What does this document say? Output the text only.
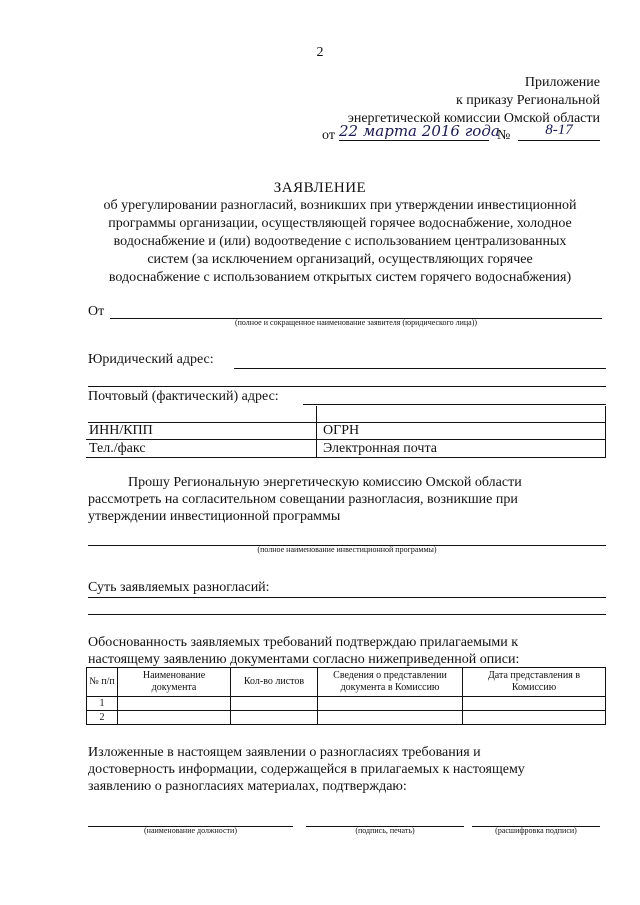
2
Приложение
к приказу Региональной
энергетической комиссии Омской области
от 22 марта 2016 года
№	8-17
ЗАЯВЛЕНИЕ
об урегулировании разногласий, возникших при утверждении инвестиционной
программы организации, осуществляющей горячее водоснабжение, холодное
водоснабжение и (или) водоотведение с использованием централизованных
систем (за исключением организаций, осуществляющих горячее
водоснабжение с использованием открытых систем горячего водоснабжения)
От
(полное и сокращенное наименование заявителя (юридического лица))
Юридический адрес:
Почтовый (фактический) адрес:
ИНН/КПП	ОГРН
Тел./факс	Электронная почта
Прошу Региональную энергетическую комиссию Омской области
рассмотреть на согласительном совещании разногласия, возникшие при
утверждении инвестиционной программы
(полное наименование инвестиционной программы)
Суть заявляемых разногласий:
Обоснованность заявляемых требований подтверждаю прилагаемыми к
настоящему заявлению документами согласно нижеприведенной описи:
№ п/п	Наименование документа	Кол-во листов	Сведения о представлении документа в Комиссию	Дата представления в Комиссию
1				
2				
Изложенные в настоящем заявлении о разногласиях требования и
достоверность информации, содержащейся в прилагаемых к настоящему
заявлению о разногласиях материалах, подтверждаю:
(наименование должности)	(подпись, печать)	(расшифровка подписи)
